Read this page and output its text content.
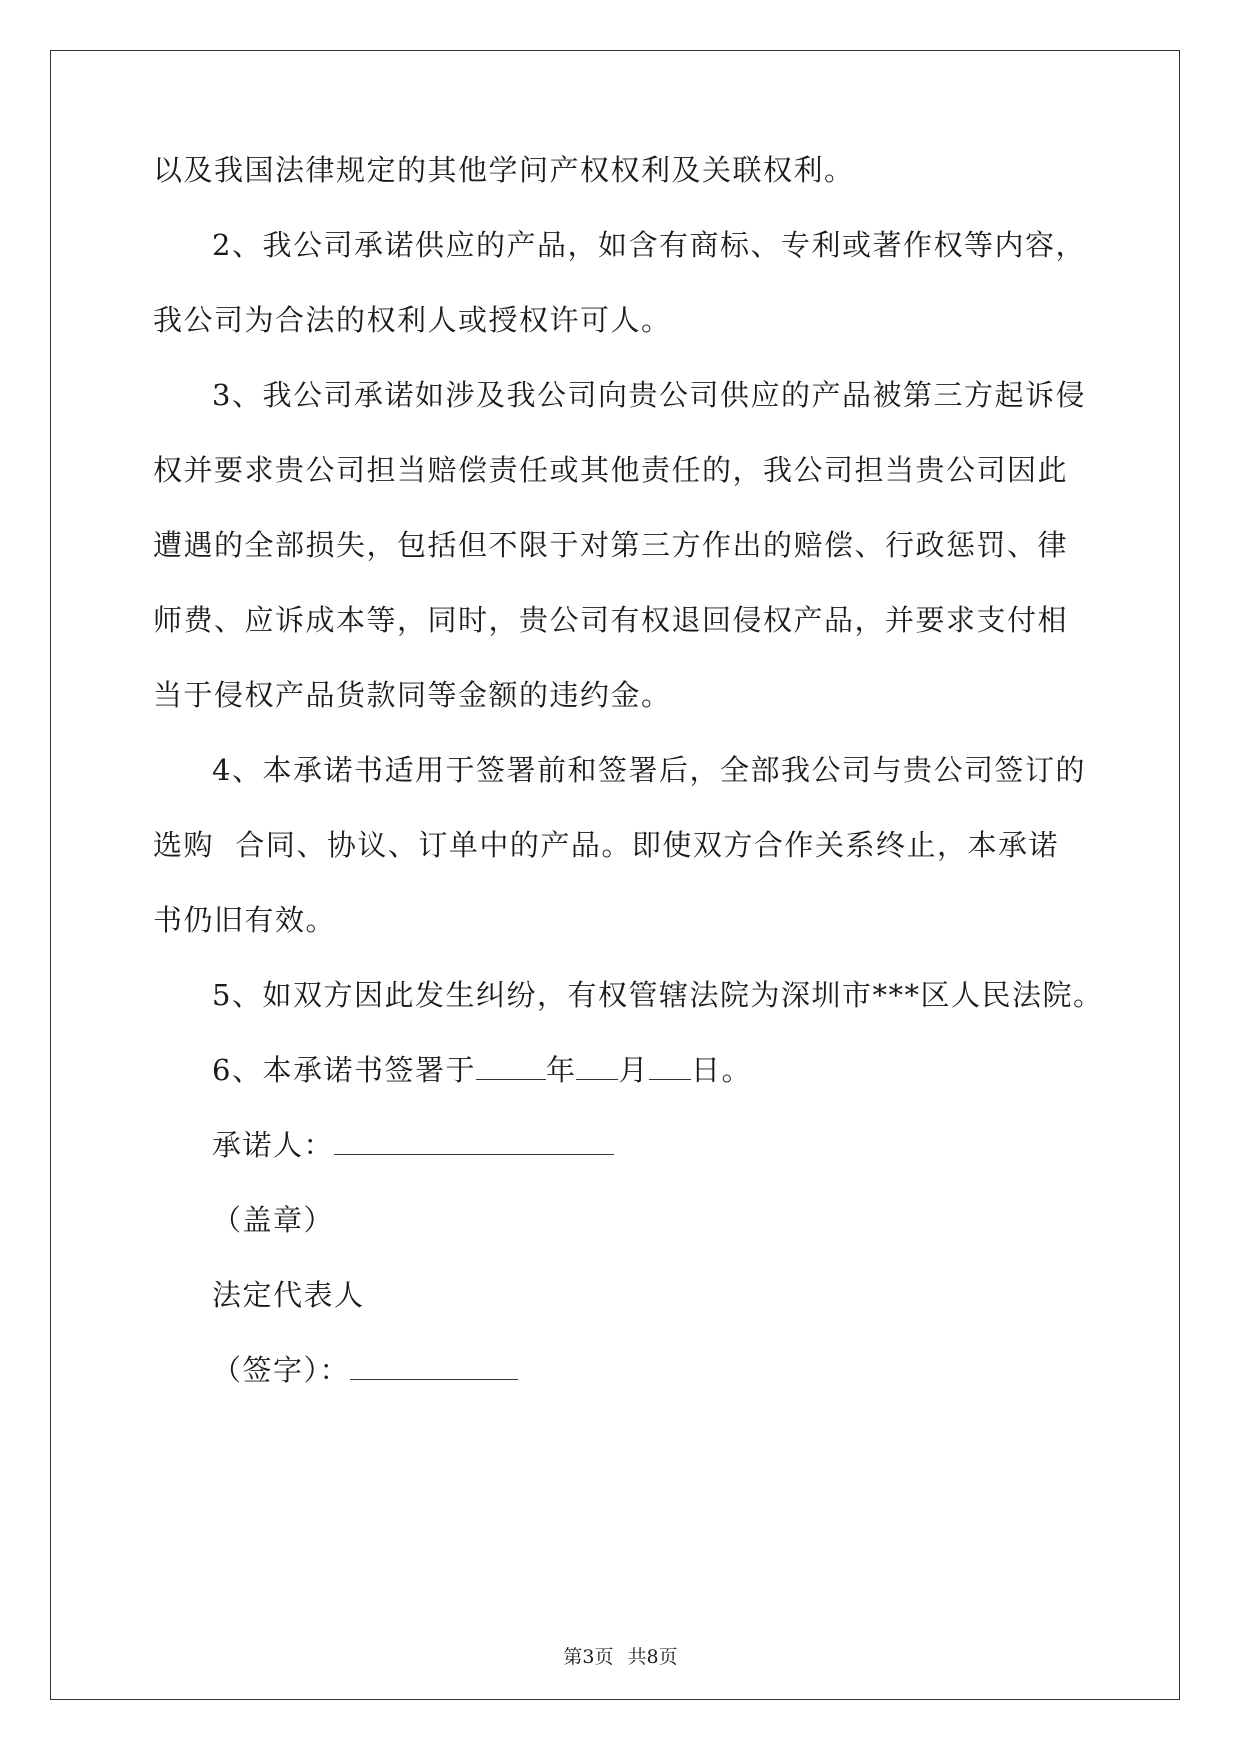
以及我国法律规定的其他学问产权权利及关联权利。
2、我公司承诺供应的产品，如含有商标、专利或著作权等内容，
我公司为合法的权利人或授权许可人。
3、我公司承诺如涉及我公司向贵公司供应的产品被第三方起诉侵
权并要求贵公司担当赔偿责任或其他责任的，我公司担当贵公司因此
遭遇的全部损失，包括但不限于对第三方作出的赔偿、行政惩罚、律
师费、应诉成本等，同时，贵公司有权退回侵权产品，并要求支付相
当于侵权产品货款同等金额的违约金。
4、本承诺书适用于签署前和签署后，全部我公司与贵公司签订的
选购  合同、协议、订单中的产品。即使双方合作关系终止，本承诺
书仍旧有效。
5、如双方因此发生纠纷，有权管辖法院为深圳市***区人民法院。
6、本承诺书签署于 年 月 日。
承诺人：
（盖章）
法定代表人
（签字）：
第3页 共8页
